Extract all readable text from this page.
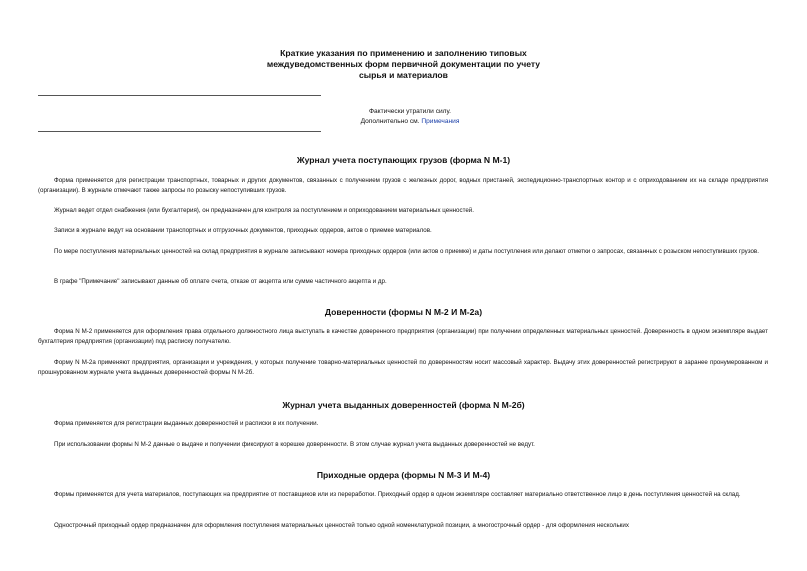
Краткие указания по применению и заполнению типовых
междуведомственных форм первичной документации по учету
сырья и материалов
Фактически утратили силу.
Дополнительно см. Примечания
Журнал учета поступающих грузов (форма N М-1)

Форма применяется для регистрации транспортных, товарных и других документов, связанных с получением грузов с железных дорог, водных пристаней, экспедиционно-транспортных контор и с оприходованием их на складе предприятия (организации). В журнале отмечают также запросы по розыску непоступивших грузов.

Журнал ведет отдел снабжения (или бухгалтерия), он предназначен для контроля за поступлением и оприходованием материальных ценностей.

Записи в журнале ведут на основании транспортных и отгрузочных документов, приходных ордеров, актов о приемке материалов.

По мере поступления материальных ценностей на склад предприятия в журнале записывают номера приходных ордеров (или актов о приемке) и даты поступления или делают отметки о запросах, связанных с розыском непоступивших грузов.

В графе "Примечание" записывают данные об оплате счета, отказе от акцепта или сумме частичного акцепта и др.

Доверенности (формы N М-2 И М-2а)

Форма N М-2 применяется для оформления права отдельного должностного лица выступать в качестве доверенного предприятия (организации) при получении определенных материальных ценностей. Доверенность в одном экземпляре выдает бухгалтерия предприятия (организации) под расписку получателю.

Форму N М-2а применяют предприятия, организации и учреждения, у которых получение товарно-материальных ценностей по доверенностям носит массовый характер. Выдачу этих доверенностей регистрируют в заранее пронумерованном и прошнурованном журнале учета выданных доверенностей формы N М-2б.

Журнал учета выданных доверенностей (форма N М-2б)

Форма применяется для регистрации выданных доверенностей и расписки в их получении.

При использовании формы N М-2 данные о выдаче и получении фиксируют в корешке доверенности. В этом случае журнал учета выданных доверенностей не ведут.

Приходные ордера (формы N М-3 И М-4)

Формы применяется для учета материалов, поступающих на предприятие от поставщиков или из переработки. Приходный ордер в одном экземпляре составляет материально ответственное лицо в день поступления ценностей на склад.

Однострочный приходный ордер предназначен для оформления поступления материальных ценностей только одной номенклатурной позиции, а многострочный ордер - для оформления нескольких
